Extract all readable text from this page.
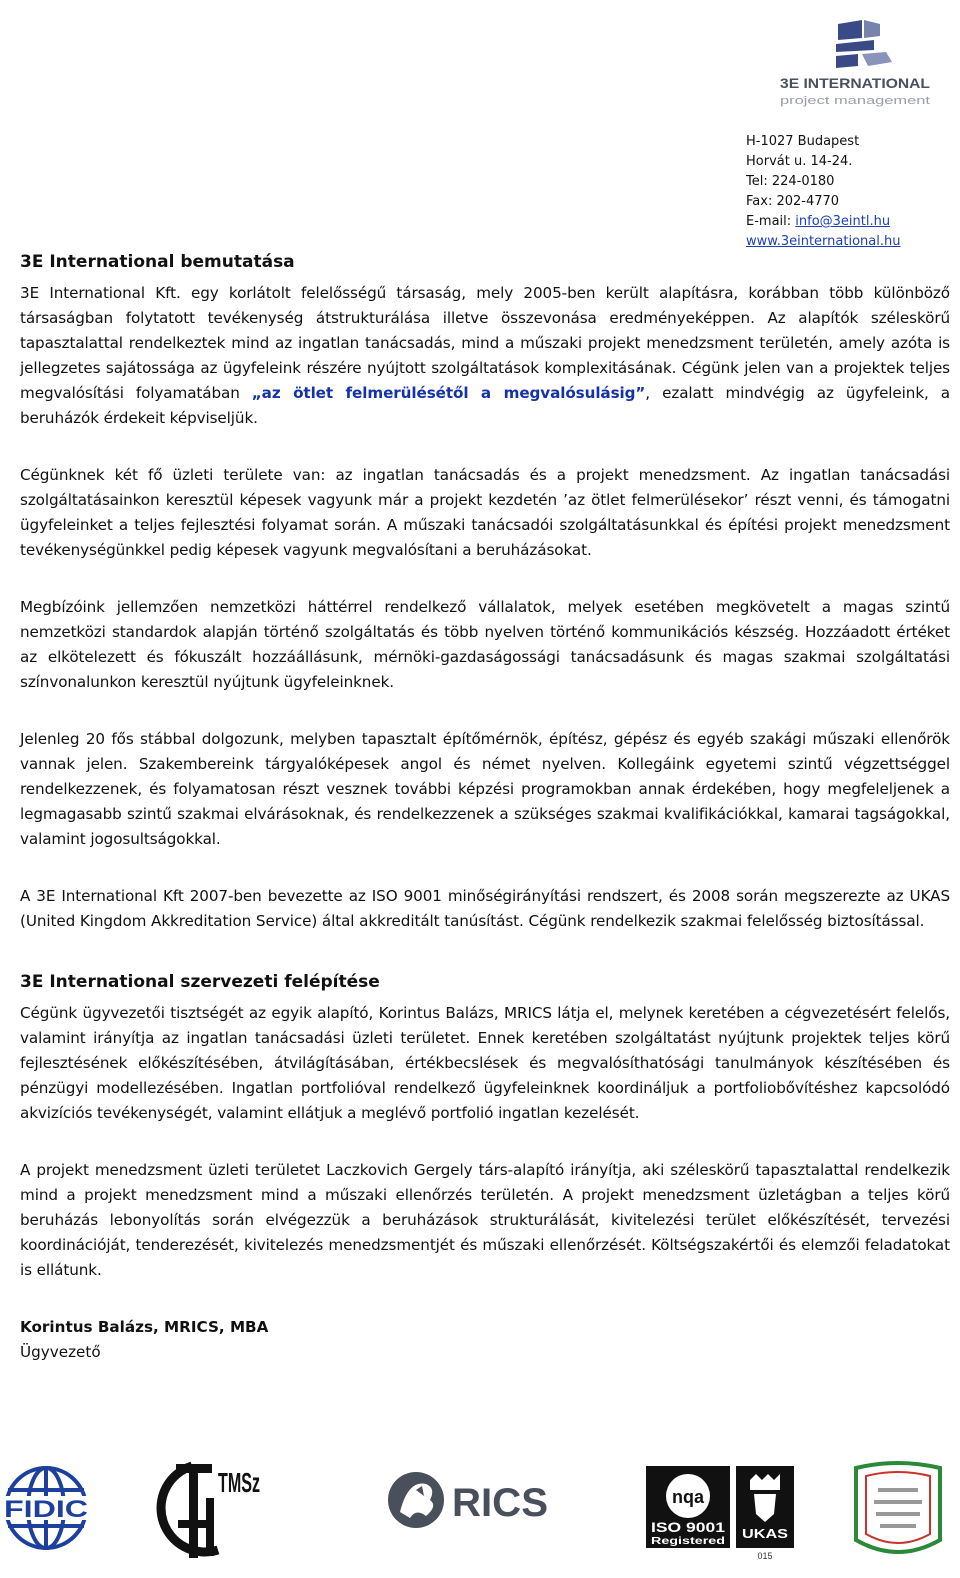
3E INTERNATIONAL
project management
H-1027 Budapest
Horvát u. 14-24.
Tel: 224-0180
Fax: 202-4770
E-mail: info@3eintl.hu
www.3einternational.hu
3E International bemutatása

3E International Kft. egy korlátolt felelősségű társaság, mely 2005-ben került alapításra, korábban több különböző társaságban folytatott tevékenység átstrukturálása illetve összevonása eredményeképpen. Az alapítók széleskörű tapasztalattal rendelkeztek mind az ingatlan tanácsadás, mind a műszaki projekt menedzsment területén, amely azóta is jellegzetes sajátossága az ügyfeleink részére nyújtott szolgáltatások komplexitásának. Cégünk jelen van a projektek teljes megvalósítási folyamatában „az ötlet felmerülésétől a megvalósulásig”, ezalatt mindvégig az ügyfeleink, a beruházók érdekeit képviseljük.

Cégünknek két fő üzleti területe van: az ingatlan tanácsadás és a projekt menedzsment. Az ingatlan tanácsadási szolgáltatásainkon keresztül képesek vagyunk már a projekt kezdetén ’az ötlet felmerülésekor’ részt venni, és támogatni ügyfeleinket a teljes fejlesztési folyamat során. A műszaki tanácsadói szolgáltatásunkkal és építési projekt menedzsment tevékenységünkkel pedig képesek vagyunk megvalósítani a beruházásokat.

Megbízóink jellemzően nemzetközi háttérrel rendelkező vállalatok, melyek esetében megkövetelt a magas szintű nemzetközi standardok alapján történő szolgáltatás és több nyelven történő kommunikációs készség. Hozzáadott értéket az elkötelezett és fókuszált hozzáállásunk, mérnöki-gazdaságossági tanácsadásunk és magas szakmai szolgáltatási színvonalunkon keresztül nyújtunk ügyfeleinknek.

Jelenleg 20 fős stábbal dolgozunk, melyben tapasztalt építőmérnök, építész, gépész és egyéb szakági műszaki ellenőrök vannak jelen. Szakembereink tárgyalóképesek angol és német nyelven. Kollegáink egyetemi szintű végzettséggel rendelkezzenek, és folyamatosan részt vesznek további képzési programokban annak érdekében, hogy megfeleljenek a legmagasabb szintű szakmai elvárásoknak, és rendelkezzenek a szükséges szakmai kvalifikációkkal, kamarai tagságokkal, valamint jogosultságokkal.

A 3E International Kft 2007-ben bevezette az ISO 9001 minőségirányítási rendszert, és 2008 során megszerezte az UKAS (United Kingdom Akkreditation Service) által akkreditált tanúsítást. Cégünk rendelkezik szakmai felelősség biztosítással.

3E International szervezeti felépítése

Cégünk ügyvezetői tisztségét az egyik alapító, Korintus Balázs, MRICS látja el, melynek keretében a cégvezetésért felelős, valamint irányítja az ingatlan tanácsadási üzleti területet. Ennek keretében szolgáltatást nyújtunk projektek teljes körű fejlesztésének előkészítésében, átvilágításában, értékbecslések és megvalósíthatósági tanulmányok készítésében és pénzügyi modellezésében. Ingatlan portfolióval rendelkező ügyfeleinknek koordináljuk a portfoliobővítéshez kapcsolódó akvizíciós tevékenységét, valamint ellátjuk a meglévő portfolió ingatlan kezelését.

A projekt menedzsment üzleti területet Laczkovich Gergely társ-alapító irányítja, aki széleskörű tapasztalattal rendelkezik mind a projekt menedzsment mind a műszaki ellenőrzés területén. A projekt menedzsment üzletágban a teljes körű beruházás lebonyolítás során elvégezzük a beruházások strukturálását, kivitelezési terület előkészítését, tervezési koordinációját, tenderezését, kivitelezés menedzsmentjét és műszaki ellenőrzését. Költségszakértői és elemzői feladatokat is ellátunk.

Korintus Balázs, MRICS, MBA
Ügyvezető
FIDIC
TMSz	RICS	nqa
ISO 9001
Registered
UKAS
015
